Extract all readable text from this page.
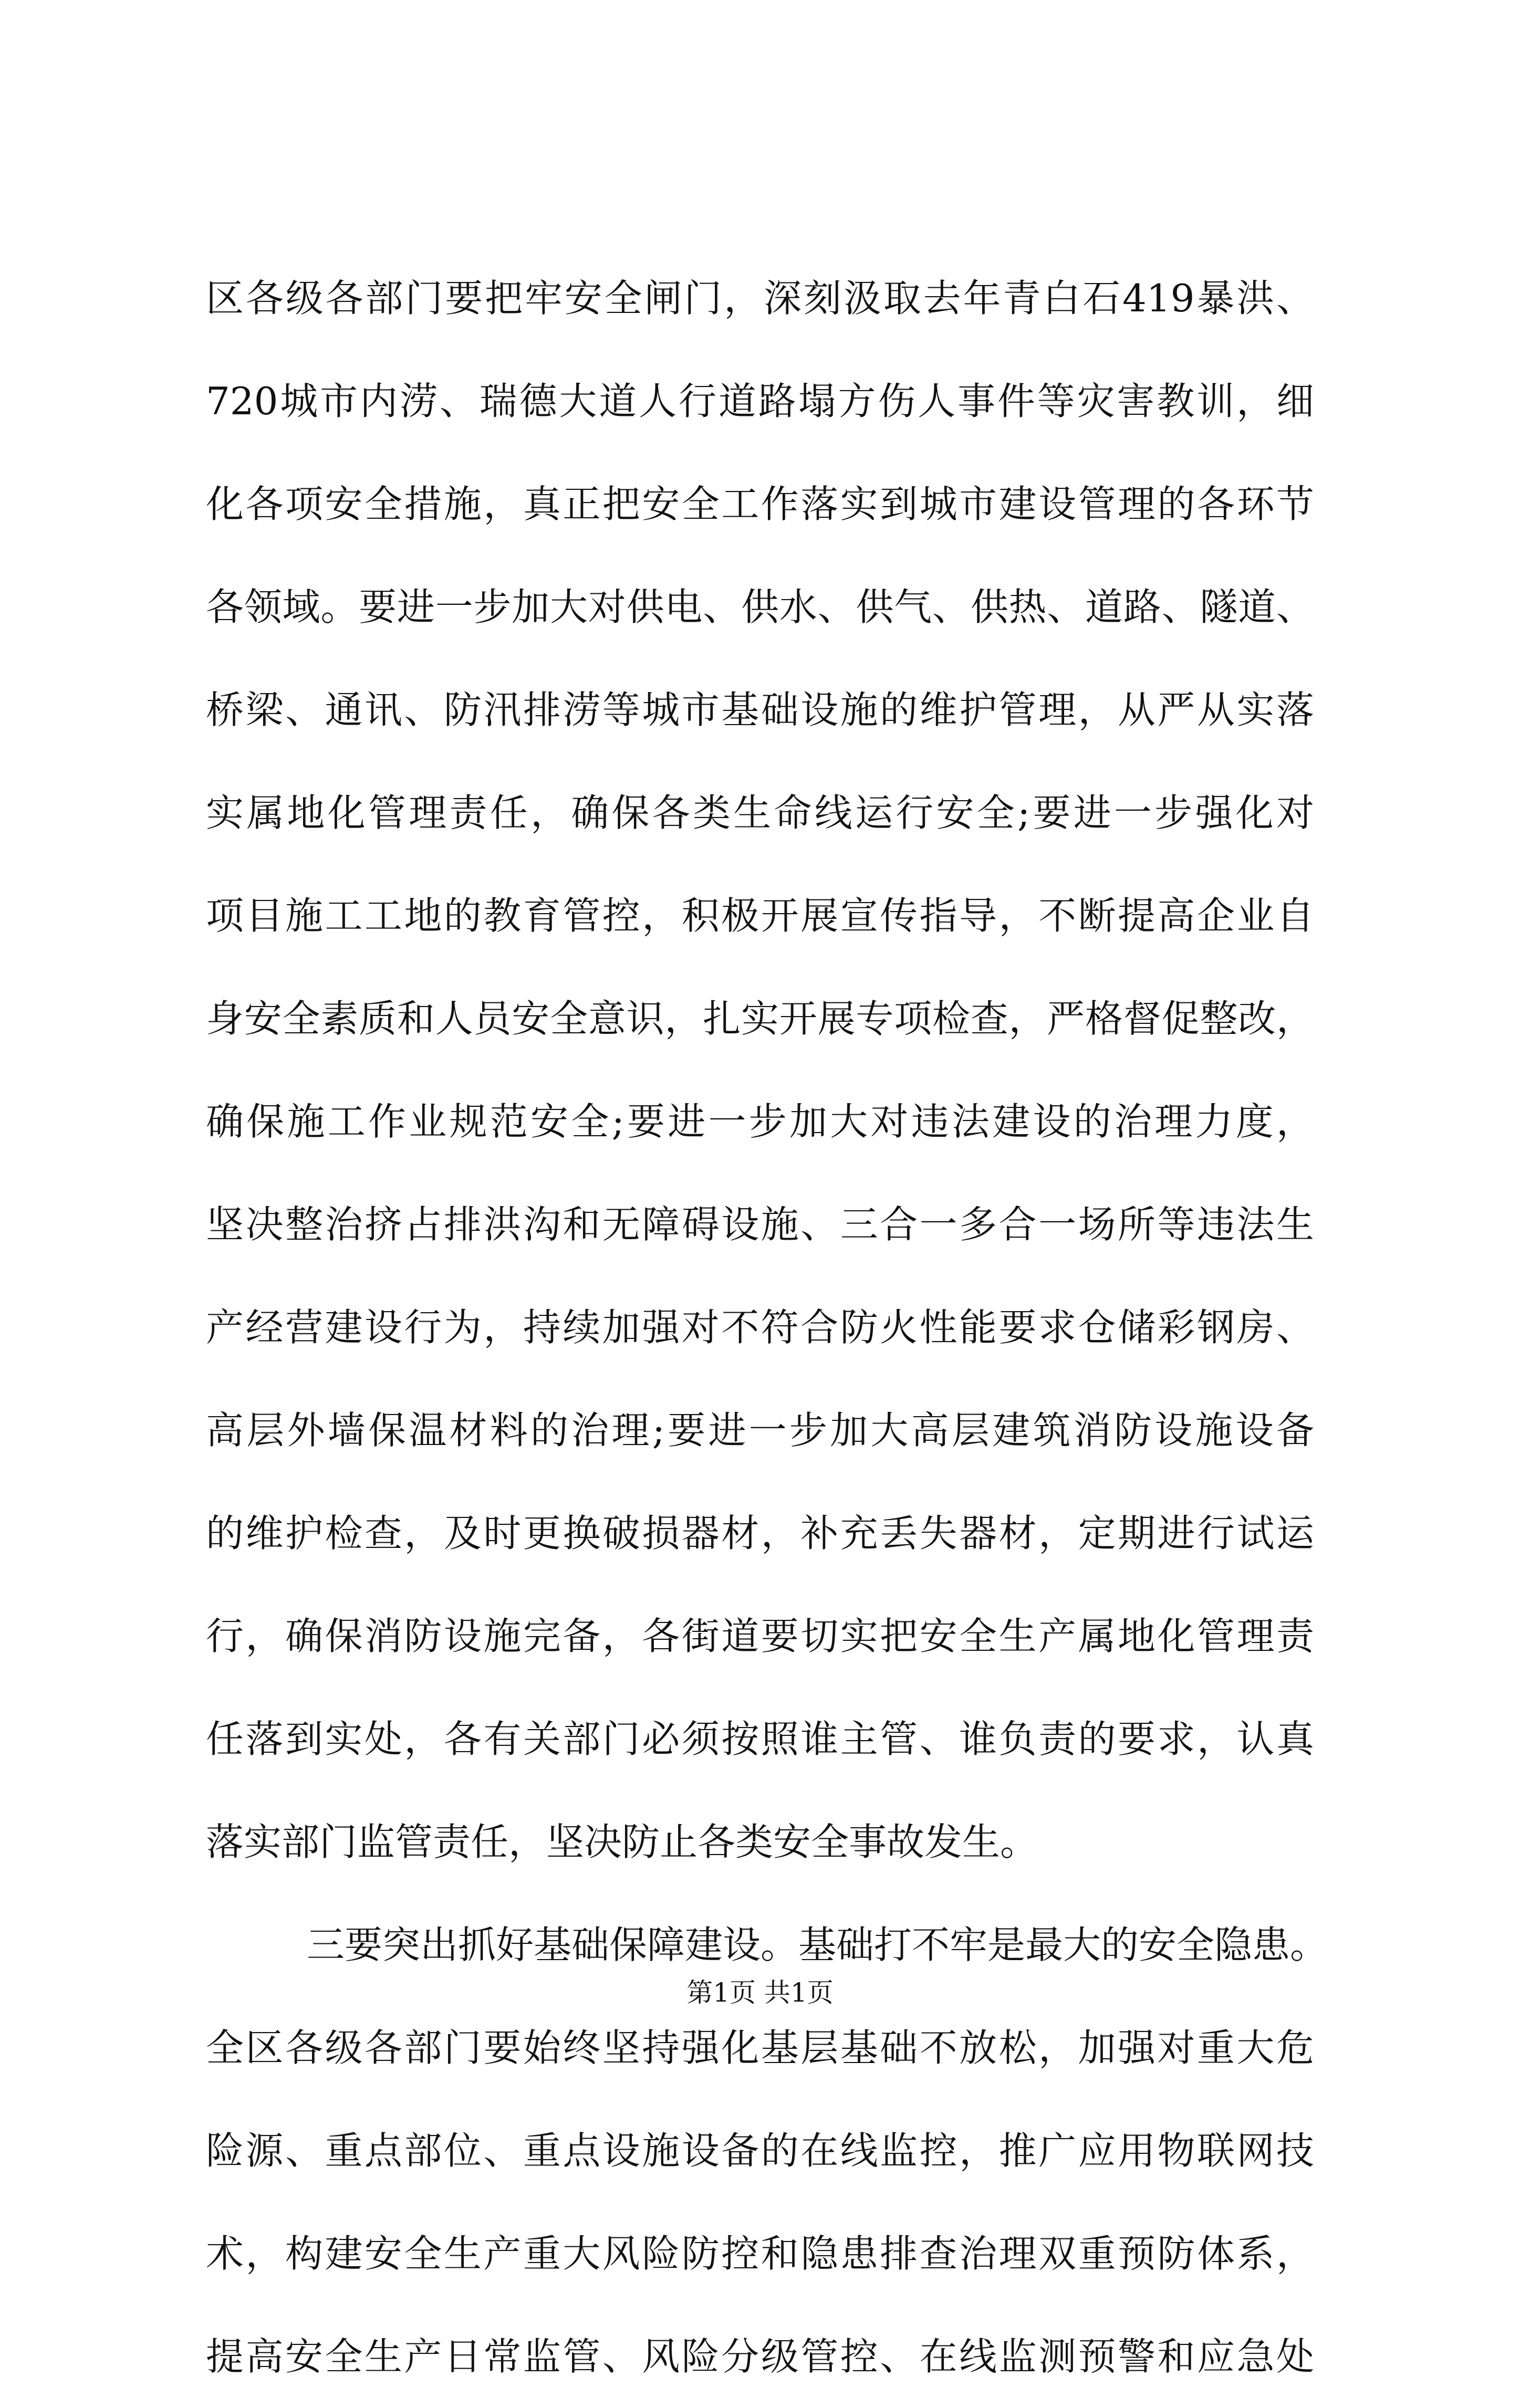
区各级各部门要把牢安全闸门，深刻汲取去年青白石419暴洪、
720城市内涝、瑞德大道人行道路塌方伤人事件等灾害教训，细
化各项安全措施，真正把安全工作落实到城市建设管理的各环节
各领域。要进一步加大对供电、供水、供气、供热、道路、隧道、
桥梁、通讯、防汛排涝等城市基础设施的维护管理，从严从实落
实属地化管理责任，确保各类生命线运行安全;要进一步强化对
项目施工工地的教育管控，积极开展宣传指导，不断提高企业自
身安全素质和人员安全意识，扎实开展专项检查，严格督促整改，
确保施工作业规范安全;要进一步加大对违法建设的治理力度，
坚决整治挤占排洪沟和无障碍设施、三合一多合一场所等违法生
产经营建设行为，持续加强对不符合防火性能要求仓储彩钢房、
高层外墙保温材料的治理;要进一步加大高层建筑消防设施设备
的维护检查，及时更换破损器材，补充丢失器材，定期进行试运
行，确保消防设施完备，各街道要切实把安全生产属地化管理责
任落到实处，各有关部门必须按照谁主管、谁负责的要求，认真
落实部门监管责任，坚决防止各类安全事故发生。
三要突出抓好基础保障建设。基础打不牢是最大的安全隐患。
全区各级各部门要始终坚持强化基层基础不放松，加强对重大危
险源、重点部位、重点设施设备的在线监控，推广应用物联网技
术，构建安全生产重大风险防控和隐患排查治理双重预防体系，
提高安全生产日常监管、风险分级管控、在线监测预警和应急处
第1页 共1页
